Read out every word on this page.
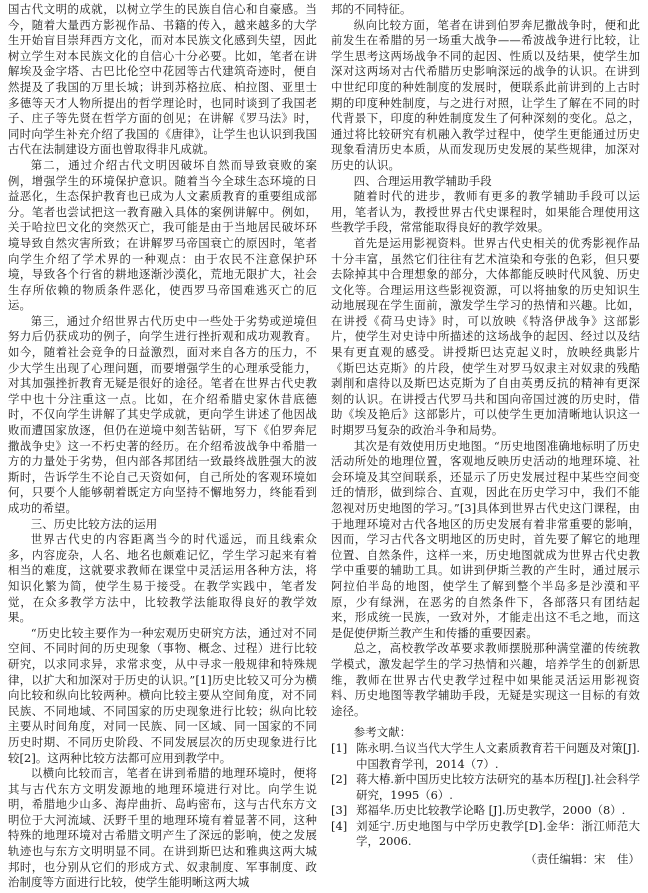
国古代文明的成就，以树立学生的民族自信心和自豪感。当今，随着大量西方影视作品、书籍的传入，越来越多的大学生开始盲目崇拜西方文化，而对本民族文化感到失望，因此树立学生对本民族文化的自信心十分必要。比如，笔者在讲解埃及金字塔、古巴比伦空中花园等古代建筑奇迹时，便自然提及了我国的万里长城；讲到苏格拉底、柏拉图、亚里士多德等天才人物所提出的哲学理论时，也同时谈到了我国老子、庄子等先贤在哲学方面的创见；在讲解《罗马法》时，同时向学生补充介绍了我国的《唐律》，让学生也认识到我国古代在法制建设方面也曾取得非凡成就。

第二，通过介绍古代文明因破坏自然而导致衰败的案例，增强学生的环境保护意识。随着当今全球生态环境的日益恶化，生态保护教育也已成为人文素质教育的重要组成部分。笔者也尝试把这一教育融入具体的案例讲解中。例如，关于哈拉巴文化的突然灭亡，我可能是由于当地居民破坏环境导致自然灾害所致；在讲解罗马帝国衰亡的原因时，笔者向学生介绍了学术界的一种观点：由于农民不注意保护环境，导致各个行省的耕地逐渐沙漠化，荒地无限扩大，社会生存所依赖的物质条件恶化，使西罗马帝国难逃灭亡的厄运。

第三，通过介绍世界古代历史中一些处于劣势或逆境但努力后仍获成功的例子，向学生进行挫折观和成功观教育。如今，随着社会竞争的日益激烈，面对来自各方的压力，不少大学生出现了心理问题，而要增强学生的心理承受能力，对其加强挫折教育无疑是很好的途径。笔者在世界古代史教学中也十分注重这一点。比如，在介绍希腊史家休昔底德时，不仅向学生讲解了其史学成就，更向学生讲述了他因战败而遭国家放逐，但仍在逆境中刻苦钻研，写下《伯罗奔尼撒战争史》这一不朽史著的经历。在介绍希波战争中希腊一方的力量处于劣势，但内部各邦团结一致最终战胜强大的波斯时，告诉学生不论自己天资如何，自己所处的客观环境如何，只要个人能够朝着既定方向坚持不懈地努力，终能看到成功的希望。

三、历史比较方法的运用

世界古代史的内容距离当今的时代遥远，而且线索众多，内容庞杂，人名、地名也颇难记忆，学生学习起来有着相当的难度，这就要求教师在课堂中灵活运用各种方法，将知识化繁为简，使学生易于接受。在教学实践中，笔者发觉，在众多教学方法中，比较教学法能取得良好的教学效果。

“历史比较主要作为一种宏观历史研究方法，通过对不同空间、不同时间的历史现象（事物、概念、过程）进行比较研究，以求同求异，求常求变，从中寻求一般规律和特殊规律，以扩大和加深对于历史的认识。”[1]历史比较又可分为横向比较和纵向比较两种。横向比较主要从空间角度，对不同民族、不同地域、不同国家的历史现象进行比较；纵向比较主要从时间角度，对同一民族、同一区域、同一国家的不同历史时期、不同历史阶段、不同发展层次的历史现象进行比较[2]。这两种比较方法都可应用到教学中。

以横向比较而言，笔者在讲到希腊的地理环境时，便将其与古代东方文明发源地的地理环境进行对比。向学生说明，希腊地少山多、海岸曲折、岛屿密布，这与古代东方文明位于大河流域、沃野千里的地理环境有着显著不同，这种特殊的地理环境对古希腊文明产生了深远的影响，使之发展轨迹也与东方文明明显不同。在讲到斯巴达和雅典这两大城邦时，也分别从它们的形成方式、奴隶制度、军事制度、政治制度等方面进行比较，使学生能明晰这两大城

邦的不同特征。

纵向比较方面，笔者在讲到伯罗奔尼撒战争时，便和此前发生在希腊的另一场重大战争——希波战争进行比较，让学生思考这两场战争不同的起因、性质以及结果，使学生加深对这两场对古代希腊历史影响深远的战争的认识。在讲到中世纪印度的种姓制度的发展时，便联系此前讲到的上古时期的印度种姓制度，与之进行对照，让学生了解在不同的时代背景下，印度的种姓制度发生了何种深刻的变化。总之，通过将比较研究有机融入教学过程中，使学生更能通过历史现象看清历史本质，从而发现历史发展的某些规律，加深对历史的认识。

四、合理运用教学辅助手段

随着时代的进步，教师有更多的教学辅助手段可以运用，笔者认为，教授世界古代史课程时，如果能合理使用这些教学手段，常常能取得良好的教学效果。

首先是运用影视资料。世界古代史相关的优秀影视作品十分丰富，虽然它们往往有艺术渲染和夸张的色彩，但只要去除掉其中合理想象的部分，大体都能反映时代风貌、历史文化等。合理运用这些影视资源，可以将抽象的历史知识生动地展现在学生面前，激发学生学习的热情和兴趣。比如，在讲授《荷马史诗》时，可以放映《特洛伊战争》这部影片，使学生对史诗中所描述的这场战争的起因、经过以及结果有更直观的感受。讲授斯巴达克起义时，放映经典影片《斯巴达克斯》的片段，使学生对罗马奴隶主对奴隶的残酷剥削和虐待以及斯巴达克斯为了自由英勇反抗的精神有更深刻的认识。在讲授古代罗马共和国向帝国过渡的历史时，借助《埃及艳后》这部影片，可以使学生更加清晰地认识这一时期罗马复杂的政治斗争和局势。

其次是有效使用历史地图。“历史地图准确地标明了历史活动所处的地理位置，客观地反映历史活动的地理环境、社会环境及其空间联系，还显示了历史发展过程中某些空间变迁的情形，做到综合、直观，因此在历史学习中，我们不能忽视对历史地图的学习。”[3]具体到世界古代史这门课程，由于地理环境对古代各地区的历史发展有着非常重要的影响，因而，学习古代各文明地区的历史时，首先要了解它的地理位置、自然条件，这样一来，历史地图就成为世界古代史教学中重要的辅助工具。如讲到伊斯兰教的产生时，通过展示阿拉伯半岛的地图，使学生了解到整个半岛多是沙漠和平原，少有绿洲，在恶劣的自然条件下，各部落只有团结起来，形成统一民族，一致对外，才能走出这不毛之地，而这是促使伊斯兰教产生和传播的重要因素。

总之，高校教学改革要求教师摆脱那种满堂灌的传统教学模式，激发起学生的学习热情和兴趣，培养学生的创新思维，教师在世界古代史教学过程中如果能灵活运用影视资料、历史地图等教学辅助手段，无疑是实现这一目标的有效途径。

参考文献：

[1] 陈永明.刍议当代大学生人文素质教育若干问题及对策[J].中国教育学刊，2014（7）.
[2] 蒋大椿.新中国历史比较方法研究的基本历程[J].社会科学研究，1995（6）.
[3] 郑福华.历史比较教学论略 [J].历史教学，2000（8）.
[4] 刘延宁.历史地图与中学历史教学[D].金华：浙江师范大学，2006.

（责任编辑：宋　佳）
